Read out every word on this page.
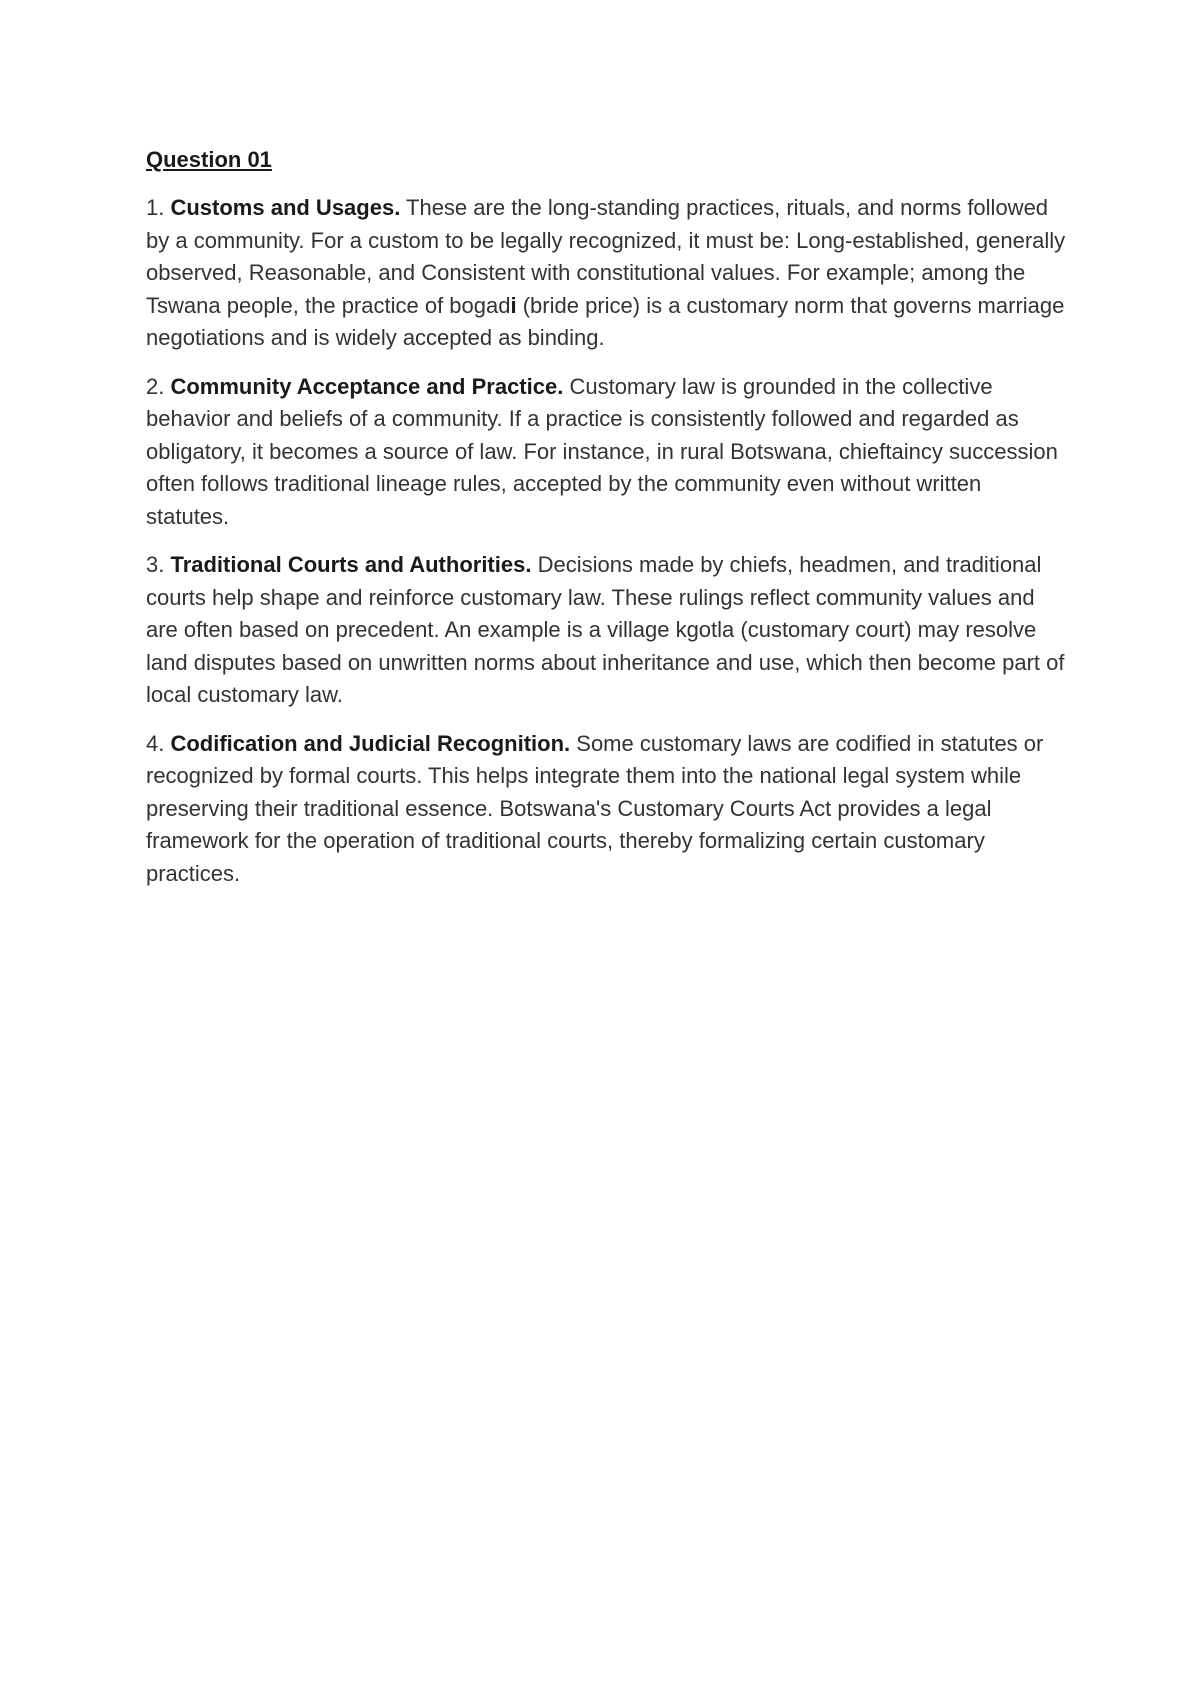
Question 01

1. Customs and Usages. These are the long-standing practices, rituals, and norms followed by a community. For a custom to be legally recognized, it must be: Long-established, generally observed, Reasonable, and Consistent with constitutional values. For example; among the Tswana people, the practice of bogadi (bride price) is a customary norm that governs marriage negotiations and is widely accepted as binding.

2. Community Acceptance and Practice. Customary law is grounded in the collective behavior and beliefs of a community. If a practice is consistently followed and regarded as obligatory, it becomes a source of law. For instance, in rural Botswana, chieftaincy succession often follows traditional lineage rules, accepted by the community even without written statutes.

3. Traditional Courts and Authorities. Decisions made by chiefs, headmen, and traditional courts help shape and reinforce customary law. These rulings reflect community values and are often based on precedent. An example is a village kgotla (customary court) may resolve land disputes based on unwritten norms about inheritance and use, which then become part of local customary law.

4. Codification and Judicial Recognition. Some customary laws are codified in statutes or recognized by formal courts. This helps integrate them into the national legal system while preserving their traditional essence. Botswana's Customary Courts Act provides a legal framework for the operation of traditional courts, thereby formalizing certain customary practices.
